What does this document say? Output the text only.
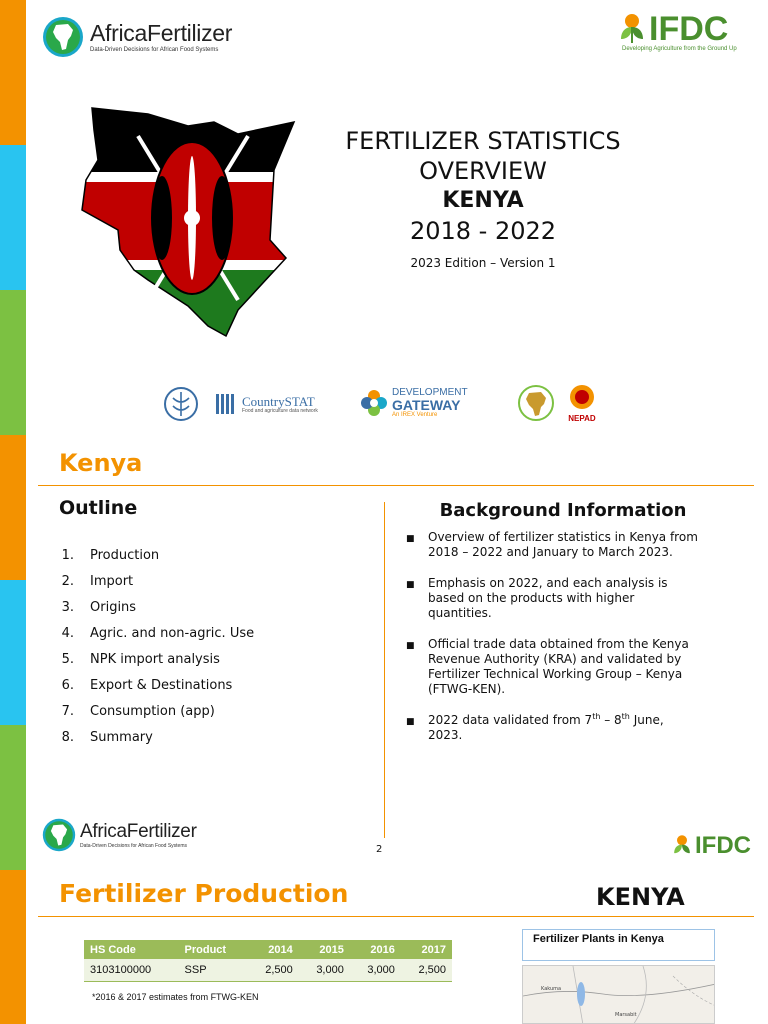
AfricaFertilizer
Data-Driven Decisions for African Food Systems
IFDC
Developing Agriculture from the Ground Up
FERTILIZER STATISTICS
OVERVIEW
KENYA
2018 - 2022
2023 Edition – Version 1
CountrySTAT
Food and agriculture data network
DEVELOPMENT
GATEWAY
An IREX Venture	NEPAD
Kenya
Outline
1. Production
2. Import
3. Origins
4. Agric. and non-agric. Use
5. NPK import analysis
6. Export & Destinations
7. Consumption (app)
8. Summary
Background Information
■	Overview of fertilizer statistics in Kenya from 2018 – 2022 and January to March 2023.
■	Emphasis on 2022, and each analysis is based on the products with higher quantities.
■	Official trade data obtained from the Kenya Revenue Authority (KRA) and validated by Fertilizer Technical Working Group – Kenya (FTWG-KEN).
■	2022 data validated from 7th – 8th June, 2023.
AfricaFertilizer
Data-Driven Decisions for African Food Systems	2	IFDC
Fertilizer Production	KENYA
HS Code	Product	2014	2015	2016	2017
3103100000	SSP	2,500	3,000	3,000	2,500
*2016 & 2017 estimates from FTWG-KEN
Fertilizer Plants in Kenya
Kakuma
Marsabit
